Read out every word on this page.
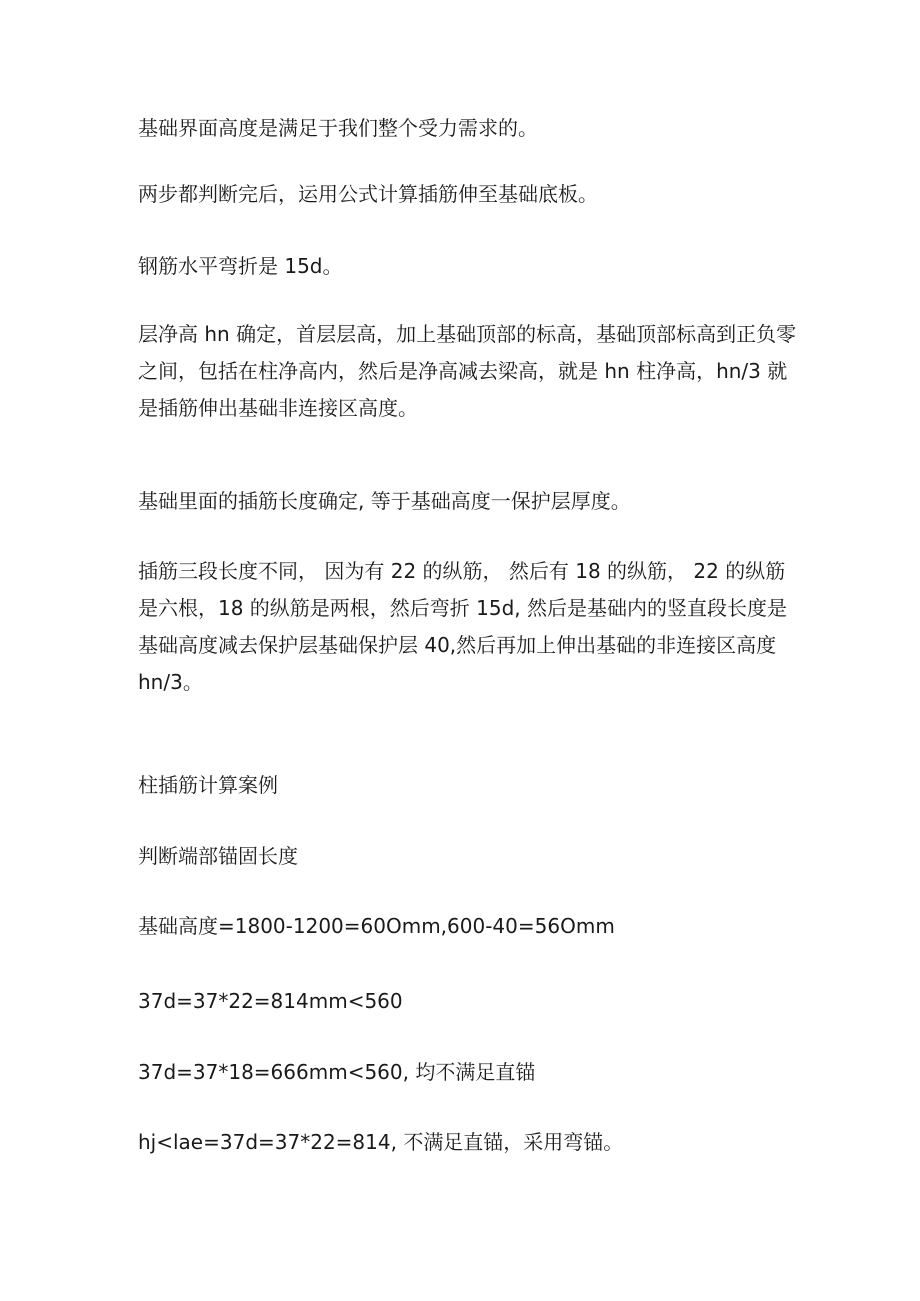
基础界面高度是满足于我们整个受力需求的。

两步都判断完后，运用公式计算插筋伸至基础底板。

钢筋水平弯折是 15d。

层净高 hn 确定，首层层高，加上基础顶部的标高，基础顶部标高到正负零
之间，包括在柱净高内，然后是净高减去梁高，就是 hn 柱净高，hn/3 就
是插筋伸出基础非连接区高度。

基础里面的插筋长度确定, 等于基础高度一保护层厚度。

插筋三段长度不同， 因为有 22 的纵筋， 然后有 18 的纵筋， 22 的纵筋
是六根，18 的纵筋是两根，然后弯折 15d, 然后是基础内的竖直段长度是
基础高度减去保护层基础保护层 40,然后再加上伸出基础的非连接区高度
hn/3。

柱插筋计算案例

判断端部锚固长度

基础高度=1800-1200=60Omm,600-40=56Omm

37d=37*22=814mm<560

37d=37*18=666mm<560, 均不满足直锚

hj<lae=37d=37*22=814, 不满足直锚，采用弯锚。
